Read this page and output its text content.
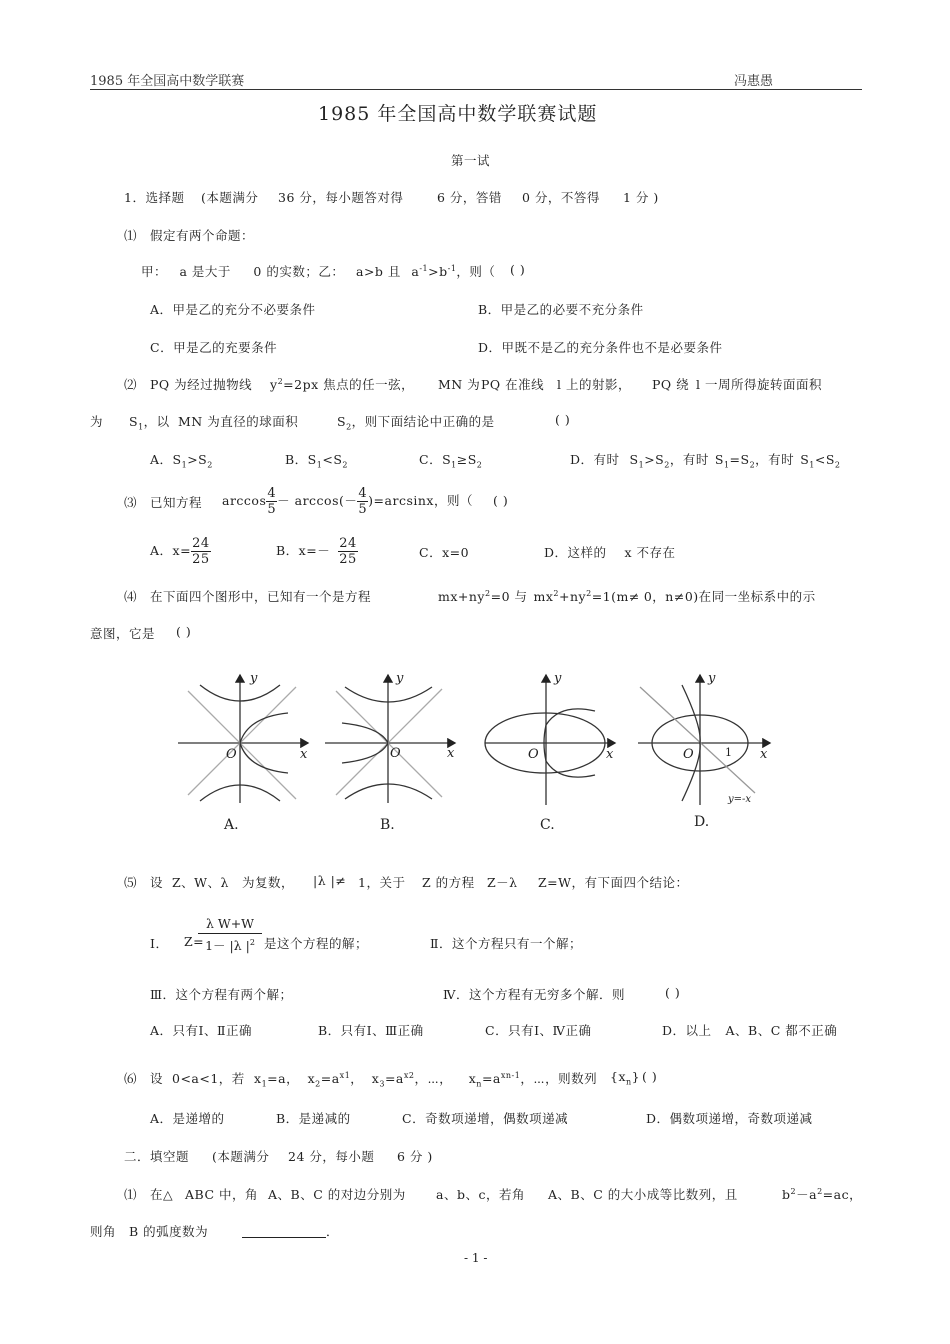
1985 年全国高中数学联赛	冯惠愚
1985 年全国高中数学联赛试题
第一试
1．选择题 (本题满分 36 分，每小题答对得	6 分，答错 0 分，不答得 1 分 )
⑴ 假定有两个命题：
甲： a 是大于 0 的实数；乙： a>b 且 $a^{-1}>b^{-1}$，则（ ( )
A．甲是乙的充分不必要条件	B．甲是乙的必要不充分条件
C．甲是乙的充要条件	D．甲既不是乙的充分条件也不是必要条件
⑵ PQ 为经过抛物线 $y^2=2px$ 焦点的任一弦， MN 为 PQ 在准线 l 上的射影， PQ 绕 l 一周所得旋转面面积
为 $S_1$，以 MN 为直径的球面积	$S_2$，则下面结论中正确的是	( )
A．$S_1>S_2$	B．$S_1<S_2$	C．$S_1\ge S_2$	D．有时 $S_1>S_2$，有时 $S_1=S_2$，有时 $S_1<S_2$
⑶ 已知方程 $\arccos \frac{4}{5} - \arccos(- \frac{4}{5} )=\arcsin x$，则（ ( )
A．$x= \frac{24}{25}$	B．$x=- \frac{24}{25}$	C．x=0	D．这样的 x 不存在
⑷ 在下面四个图形中，已知有一个是方程	$mx+ny^2=0$ 与 $mx^2+ny^2=1(m\ne 0$，n≠0)在同一坐标系中的示
意图，它是 ( )
y
x
O
y
x
O
y
x
O
y
x
O
y=-x
1
A.	B.	C.	D.
⑸ 设 Z、W、λ 为复数， |λ |≠ 1，关于 Z 的方程 Z－λ Z=W，有下面四个结论：
Ⅰ． Z=
λ W+W
1－ |λ $|^2$ 是这个方程的解；	Ⅱ．这个方程只有一个解；
Ⅲ．这个方程有两个解；	Ⅳ．这个方程有无穷多个解．则	( )
A．只有Ⅰ、Ⅱ正确	B．只有Ⅰ、Ⅲ正确	C．只有Ⅰ、Ⅳ正确	D．以上 A、B、C 都不正确
⑹ 设 0<a<1，若 $x_1=a$， $x_2=a^{x1}$， $x_3=a^{x2}$，⋯， $x_n=a^{xn-1}$，⋯，则数列 $\{x_n\}$ ( )
A．是递增的	B．是递减的	C．奇数项递增，偶数项递减	D．偶数项递增，奇数项递减
二．填空题 (本题满分 24 分，每小题 6 分 )
⑴ 在△ ABC 中，角 A、B、C 的对边分别为 a、b、c，若角 A、B、C 的大小成等比数列，且	$b^2-a^2=ac$，
则角 B 的弧度数为	．
- 1 -
